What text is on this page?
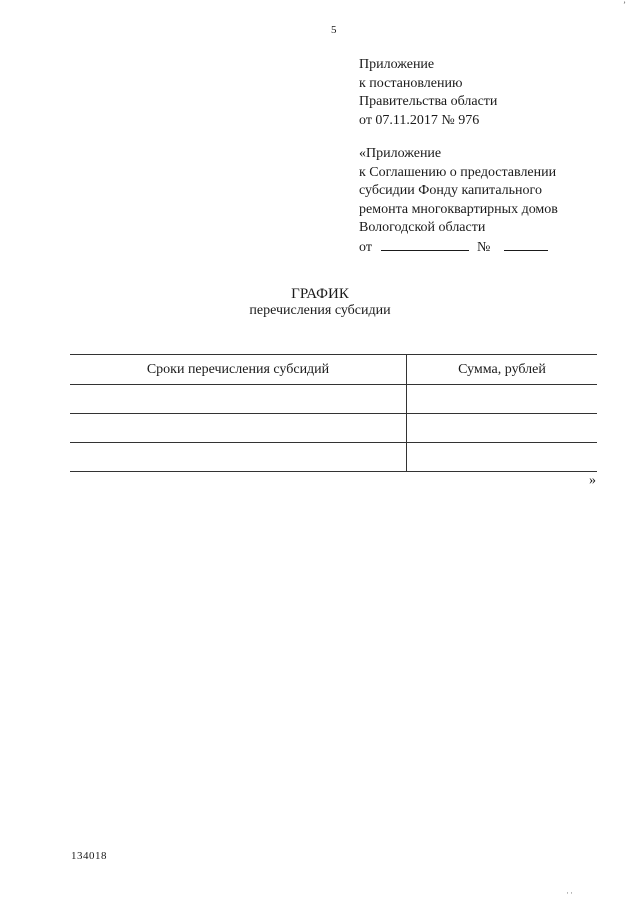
5
Приложение
к постановлению
Правительства области
от 07.11.2017 № 976
«Приложение
к Соглашению о предоставлении
субсидии Фонду капитального
ремонта многоквартирных домов
Вологодской области
от	№
ГРАФИК
перечисления субсидии
Сроки перечисления субсидий	Сумма, рублей

»
134018
ʼ
··
